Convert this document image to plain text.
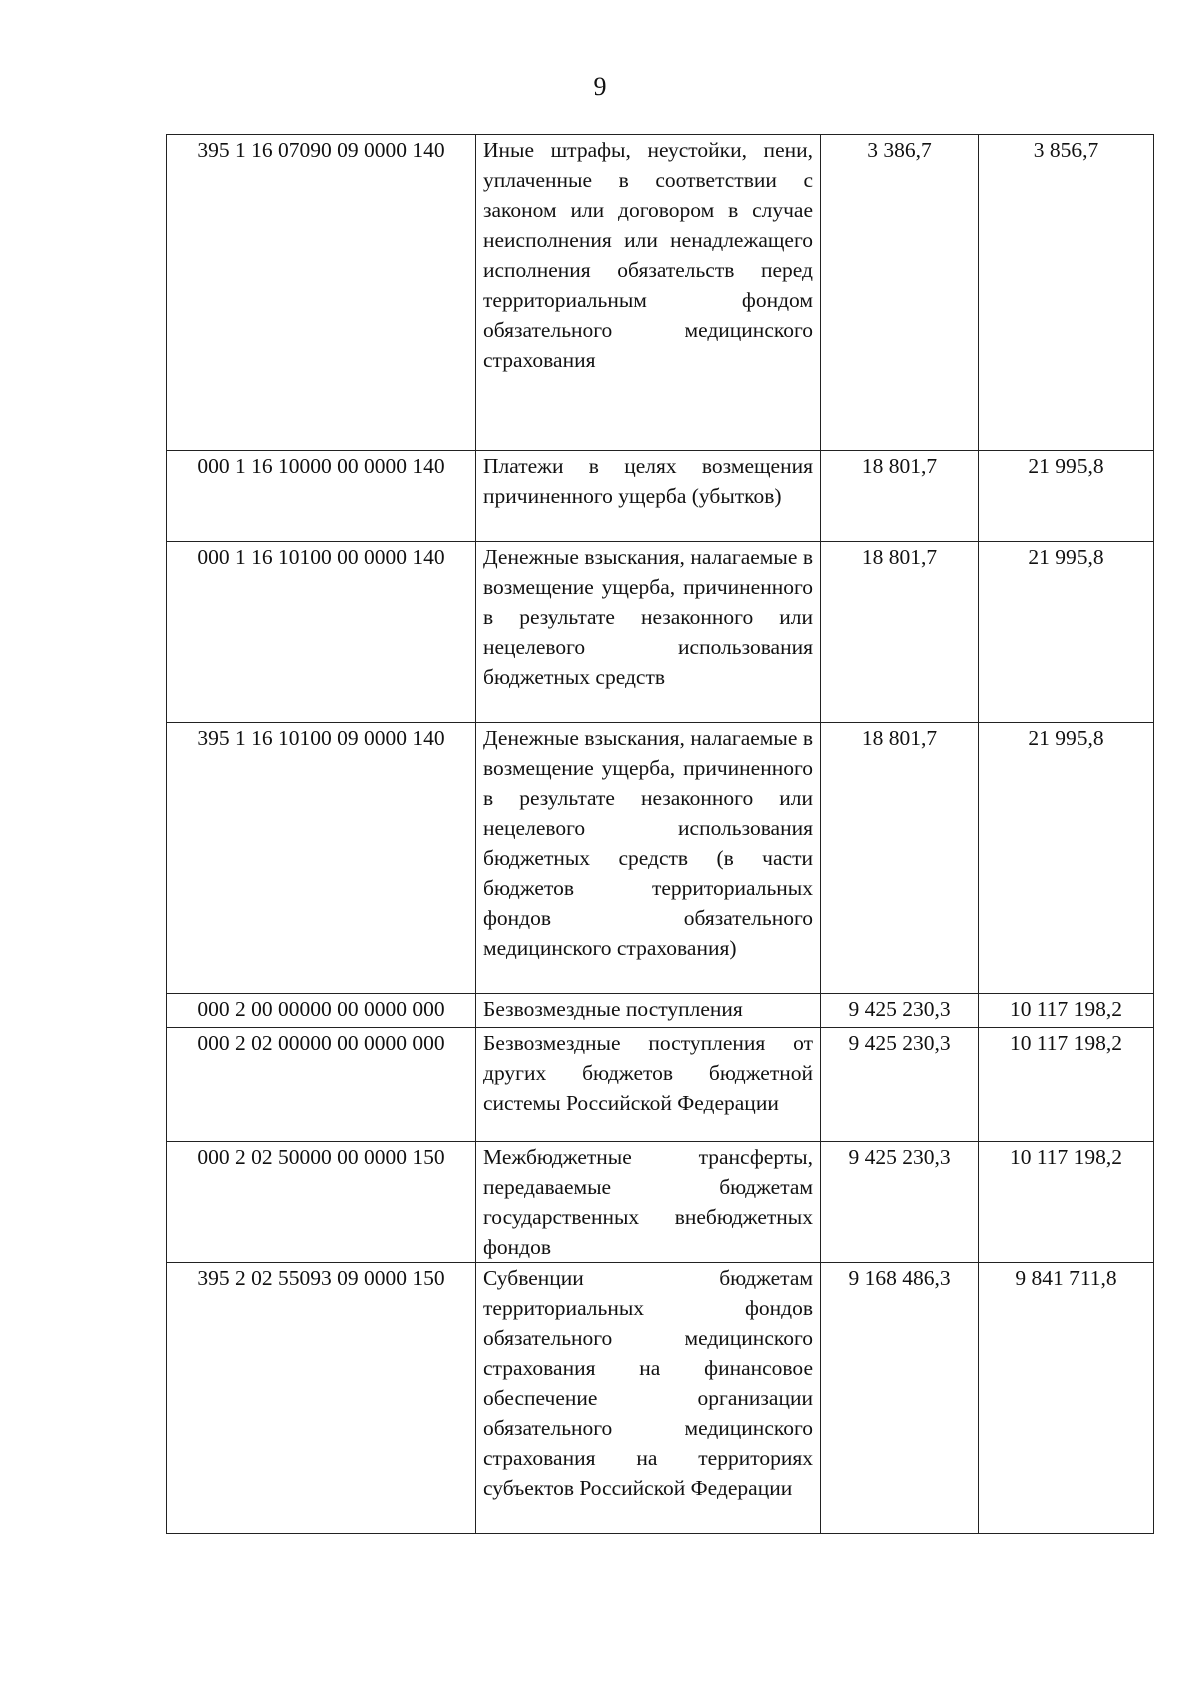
9
395 1 16 07090 09 0000 140	Иные штрафы, неустойки, пени, уплаченные в соответствии с законом или договором в случае неисполнения или ненадлежащего исполнения обязательств перед территориальным фондом обязательного медицинского страхования	3 386,7	3 856,7
000 1 16 10000 00 0000 140	Платежи в целях возмещения причиненного ущерба (убытков)	18 801,7	21 995,8
000 1 16 10100 00 0000 140	Денежные взыскания, налагаемые в возмещение ущерба, причиненного в результате незаконного или нецелевого использования бюджетных средств	18 801,7	21 995,8
395 1 16 10100 09 0000 140	Денежные взыскания, налагаемые в возмещение ущерба, причиненного в результате незаконного или нецелевого использования бюджетных средств (в части бюджетов территориальных фондов обязательного медицинского страхования)	18 801,7	21 995,8
000 2 00 00000 00 0000 000	Безвозмездные поступления	9 425 230,3	10 117 198,2
000 2 02 00000 00 0000 000	Безвозмездные поступления от других бюджетов бюджетной системы Российской Федерации	9 425 230,3	10 117 198,2
000 2 02 50000 00 0000 150	Межбюджетные трансферты, передаваемые бюджетам государственных внебюджетных фондов	9 425 230,3	10 117 198,2
395 2 02 55093 09 0000 150	Субвенции бюджетам территориальных фондов обязательного медицинского страхования на финансовое обеспечение организации обязательного медицинского страхования на территориях субъектов Российской Федерации	9 168 486,3	9 841 711,8
